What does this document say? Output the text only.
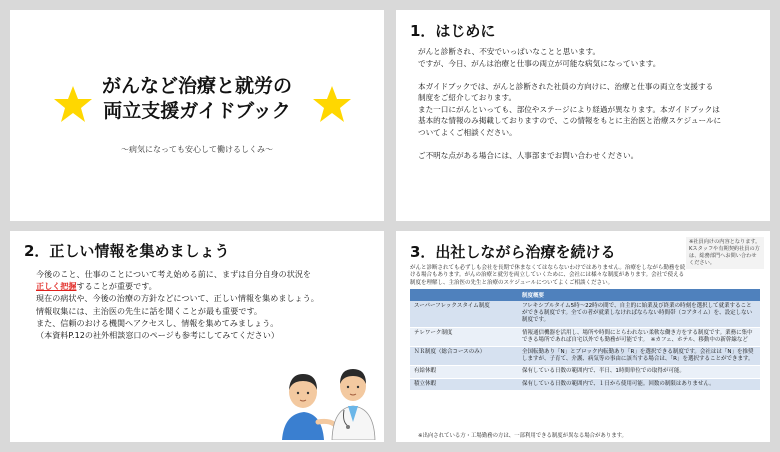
がんなど治療と就労の
両立支援ガイドブック
～病気になっても安心して働けるしくみ～
1．はじめに
がんと診断され、不安でいっぱいなことと思います。
ですが、今日、がんは治療と仕事の両立が可能な病気になっています。
本ガイドブックでは、がんと診断された社員の方向けに、治療と仕事の両立を支援する
制度をご紹介しております。
また一口にがんといっても、部位やステージにより経過が異なります。本ガイドブックは
基本的な情報のみ掲載しておりますので、この情報をもとに主治医と治療スケジュールに
ついてよくご相談ください。
ご不明な点がある場合には、人事部までお問い合わせください。
2．正しい情報を集めましょう
今後のこと、仕事のことについて考え始める前に、まずは自分自身の状況を
正しく把握することが重要です。
現在の病状や、今後の治療の方針などについて、正しい情報を集めましょう。
情報収集には、主治医の先生に話を聞くことが最も重要です。
また、信頼のおける機関へアクセスし、情報を集めてみましょう。
（本資料P.12の社外相談窓口のページも参考にしてみてください）
3．出社しながら治療を続ける
※社員向けの内容となります。Kスタッフや有期契約社員の方は、総務部門へお問い合わせください。
がんと診断されても必ずしも会社を長期で休まなくてはならないわけではありません。治療をしながら勤務を続ける場合もあります。がんの治療と就労を両立していくために、会社には様々な制度があります。会社で使える制度を理解し、主治医の先生と治療のスケジュールについてよくご相談ください。
	制度概要
スーパーフレックスタイム制度	フレキシブルタイム5時～22時の間で、自主的に始業及び終業の時刻を選択して就業することができる制度です。全ての者が就業しなければならない時間帯（コアタイム）を、設定しない制度です。
テレワーク制度	情報通信機器を活用し、場所や時間にとらわれない柔軟な働き方をする制度です。業務に集中できる場所であれば自宅以外でも勤務が可能です。　※カフェ、ホテル、移動中の新幹線など
ＮＲ制度（総合コースのみ）	全国転勤あり「N」とブロック内転勤あり「R」を選択できる制度です。会社はは「N」を推奨しますが、子育て、介護、病気等の事由に該当する場合は、「R」を選択することができます。
有給休暇	保有している日数の範囲内で、半日、1時間単位での取得が可能。
積立休暇	保有している日数の範囲内で、１日から使用可能。回数の制限はありません。
※出向されている方・工場勤務の方は、一部利用できる制度が異なる場合があります。
